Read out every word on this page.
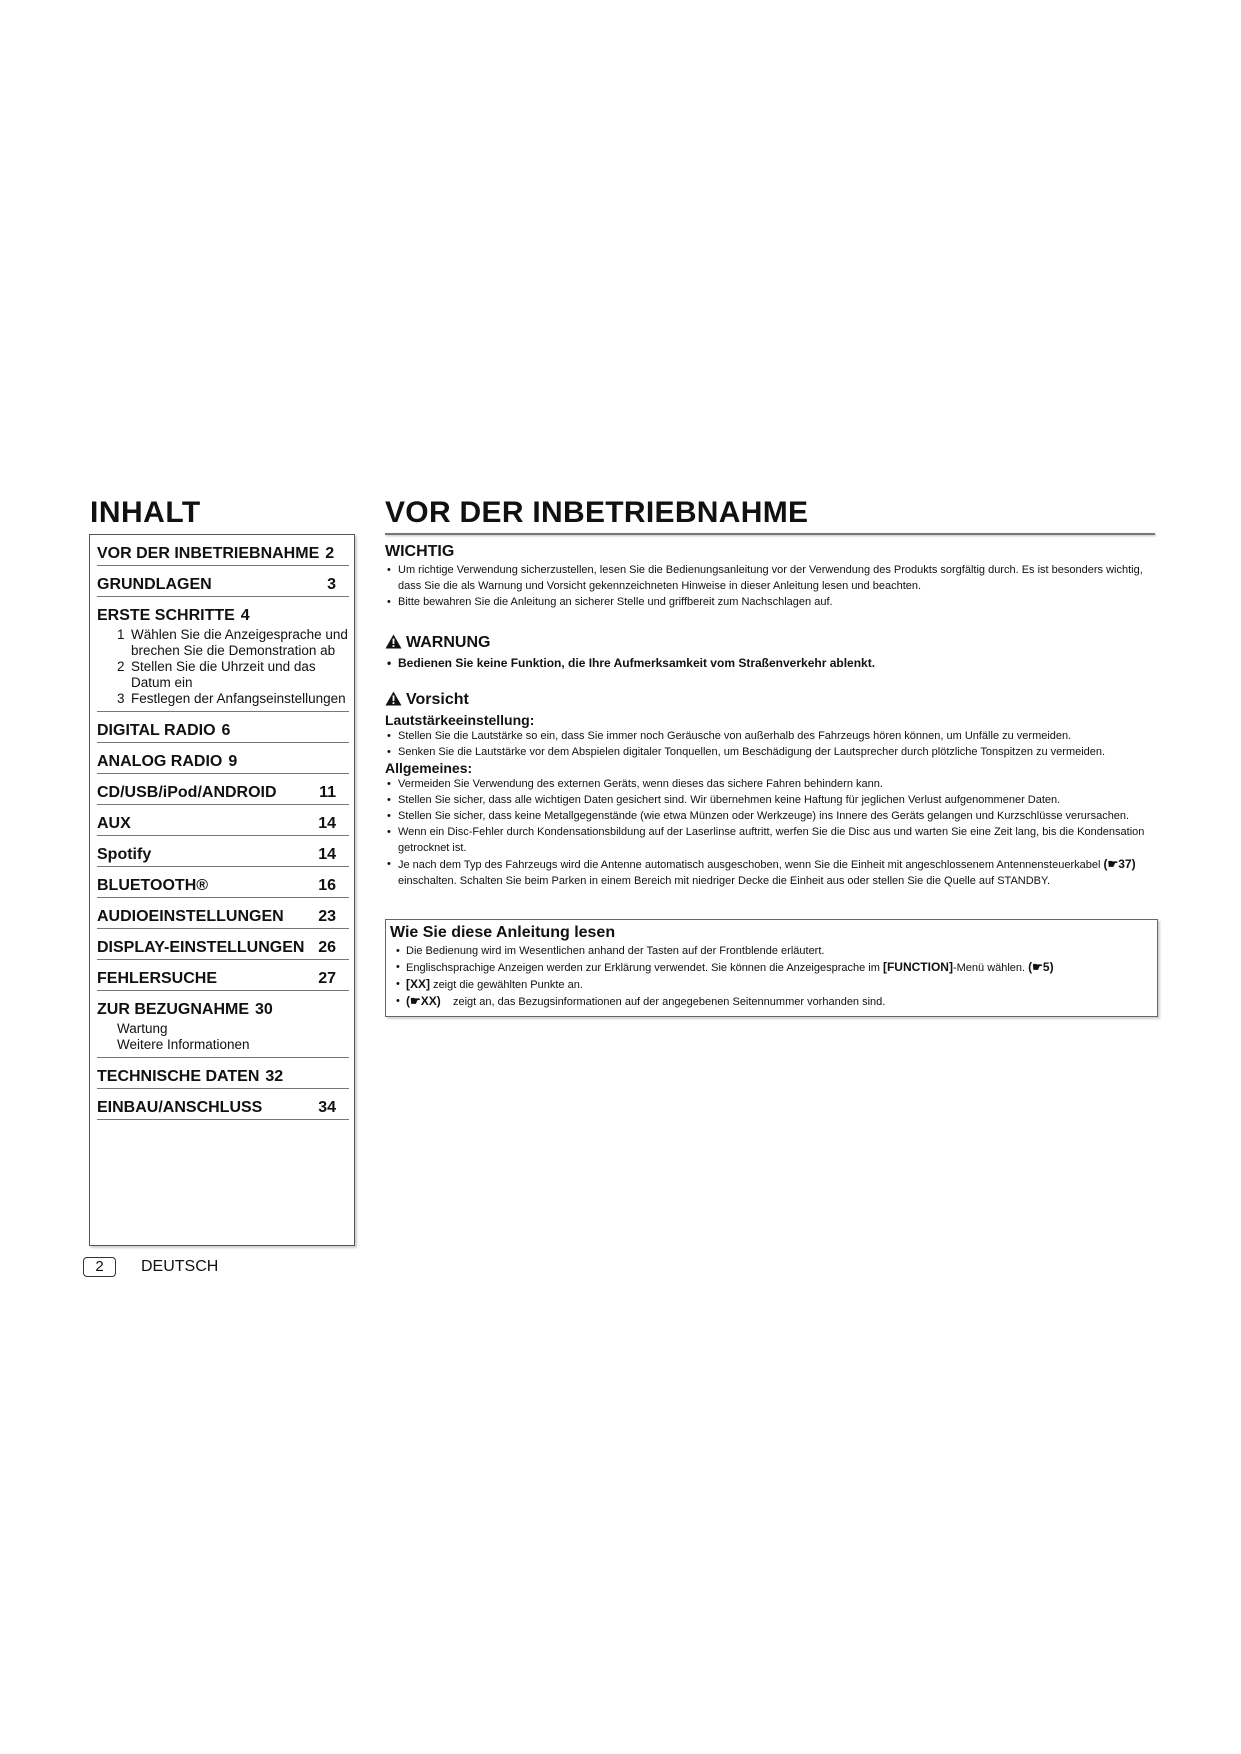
INHALT
VOR DER INBETRIEBNAHME 2
GRUNDLAGEN	3
ERSTE SCHRITTE 4
1 Wählen Sie die Anzeigesprache und brechen Sie die Demonstration ab
2 Stellen Sie die Uhrzeit und das Datum ein
3 Festlegen der Anfangseinstellungen
DIGITAL RADIO 6
ANALOG RADIO 9
CD/USB/iPod/ANDROID	11
AUX	14
Spotify	14
BLUETOOTH®	16
AUDIOEINSTELLUNGEN 23
DISPLAY-EINSTELLUNGEN 26
FEHLERSUCHE	27
ZUR BEZUGNAHME 30
Wartung
Weitere Informationen
TECHNISCHE DATEN 32
EINBAU/ANSCHLUSS	34
2	DEUTSCH
VOR DER INBETRIEBNAHME
WICHTIG
• Um richtige Verwendung sicherzustellen, lesen Sie die Bedienungsanleitung vor der Verwendung des Produkts sorgfältig durch. Es ist besonders wichtig, dass Sie die als Warnung und Vorsicht gekennzeichneten Hinweise in dieser Anleitung lesen und beachten.
• Bitte bewahren Sie die Anleitung an sicherer Stelle und griffbereit zum Nachschlagen auf.
WARNUNG
• Bedienen Sie keine Funktion, die Ihre Aufmerksamkeit vom Straßenverkehr ablenkt.
Vorsicht
Lautstärkeeinstellung:
• Stellen Sie die Lautstärke so ein, dass Sie immer noch Geräusche von außerhalb des Fahrzeugs hören können, um Unfälle zu vermeiden.
• Senken Sie die Lautstärke vor dem Abspielen digitaler Tonquellen, um Beschädigung der Lautsprecher durch plötzliche Tonspitzen zu vermeiden.
Allgemeines:
• Vermeiden Sie Verwendung des externen Geräts, wenn dieses das sichere Fahren behindern kann.
• Stellen Sie sicher, dass alle wichtigen Daten gesichert sind. Wir übernehmen keine Haftung für jeglichen Verlust aufgenommener Daten.
• Stellen Sie sicher, dass keine Metallgegenstände (wie etwa Münzen oder Werkzeuge) ins Innere des Geräts gelangen und Kurzschlüsse verursachen.
• Wenn ein Disc-Fehler durch Kondensationsbildung auf der Laserlinse auftritt, werfen Sie die Disc aus und warten Sie eine Zeit lang, bis die Kondensation getrocknet ist.
• Je nach dem Typ des Fahrzeugs wird die Antenne automatisch ausgeschoben, wenn Sie die Einheit mit angeschlossenem Antennensteuerkabel (☛37) einschalten. Schalten Sie beim Parken in einem Bereich mit niedriger Decke die Einheit aus oder stellen Sie die Quelle auf STANDBY.
Wie Sie diese Anleitung lesen
• Die Bedienung wird im Wesentlichen anhand der Tasten auf der Frontblende erläutert.
• Englischsprachige Anzeigen werden zur Erklärung verwendet. Sie können die Anzeigesprache im [FUNCTION]-Menü wählen. (☛5)
• [XX] zeigt die gewählten Punkte an.
• (☛XX) zeigt an, das Bezugsinformationen auf der angegebenen Seitennummer vorhanden sind.
